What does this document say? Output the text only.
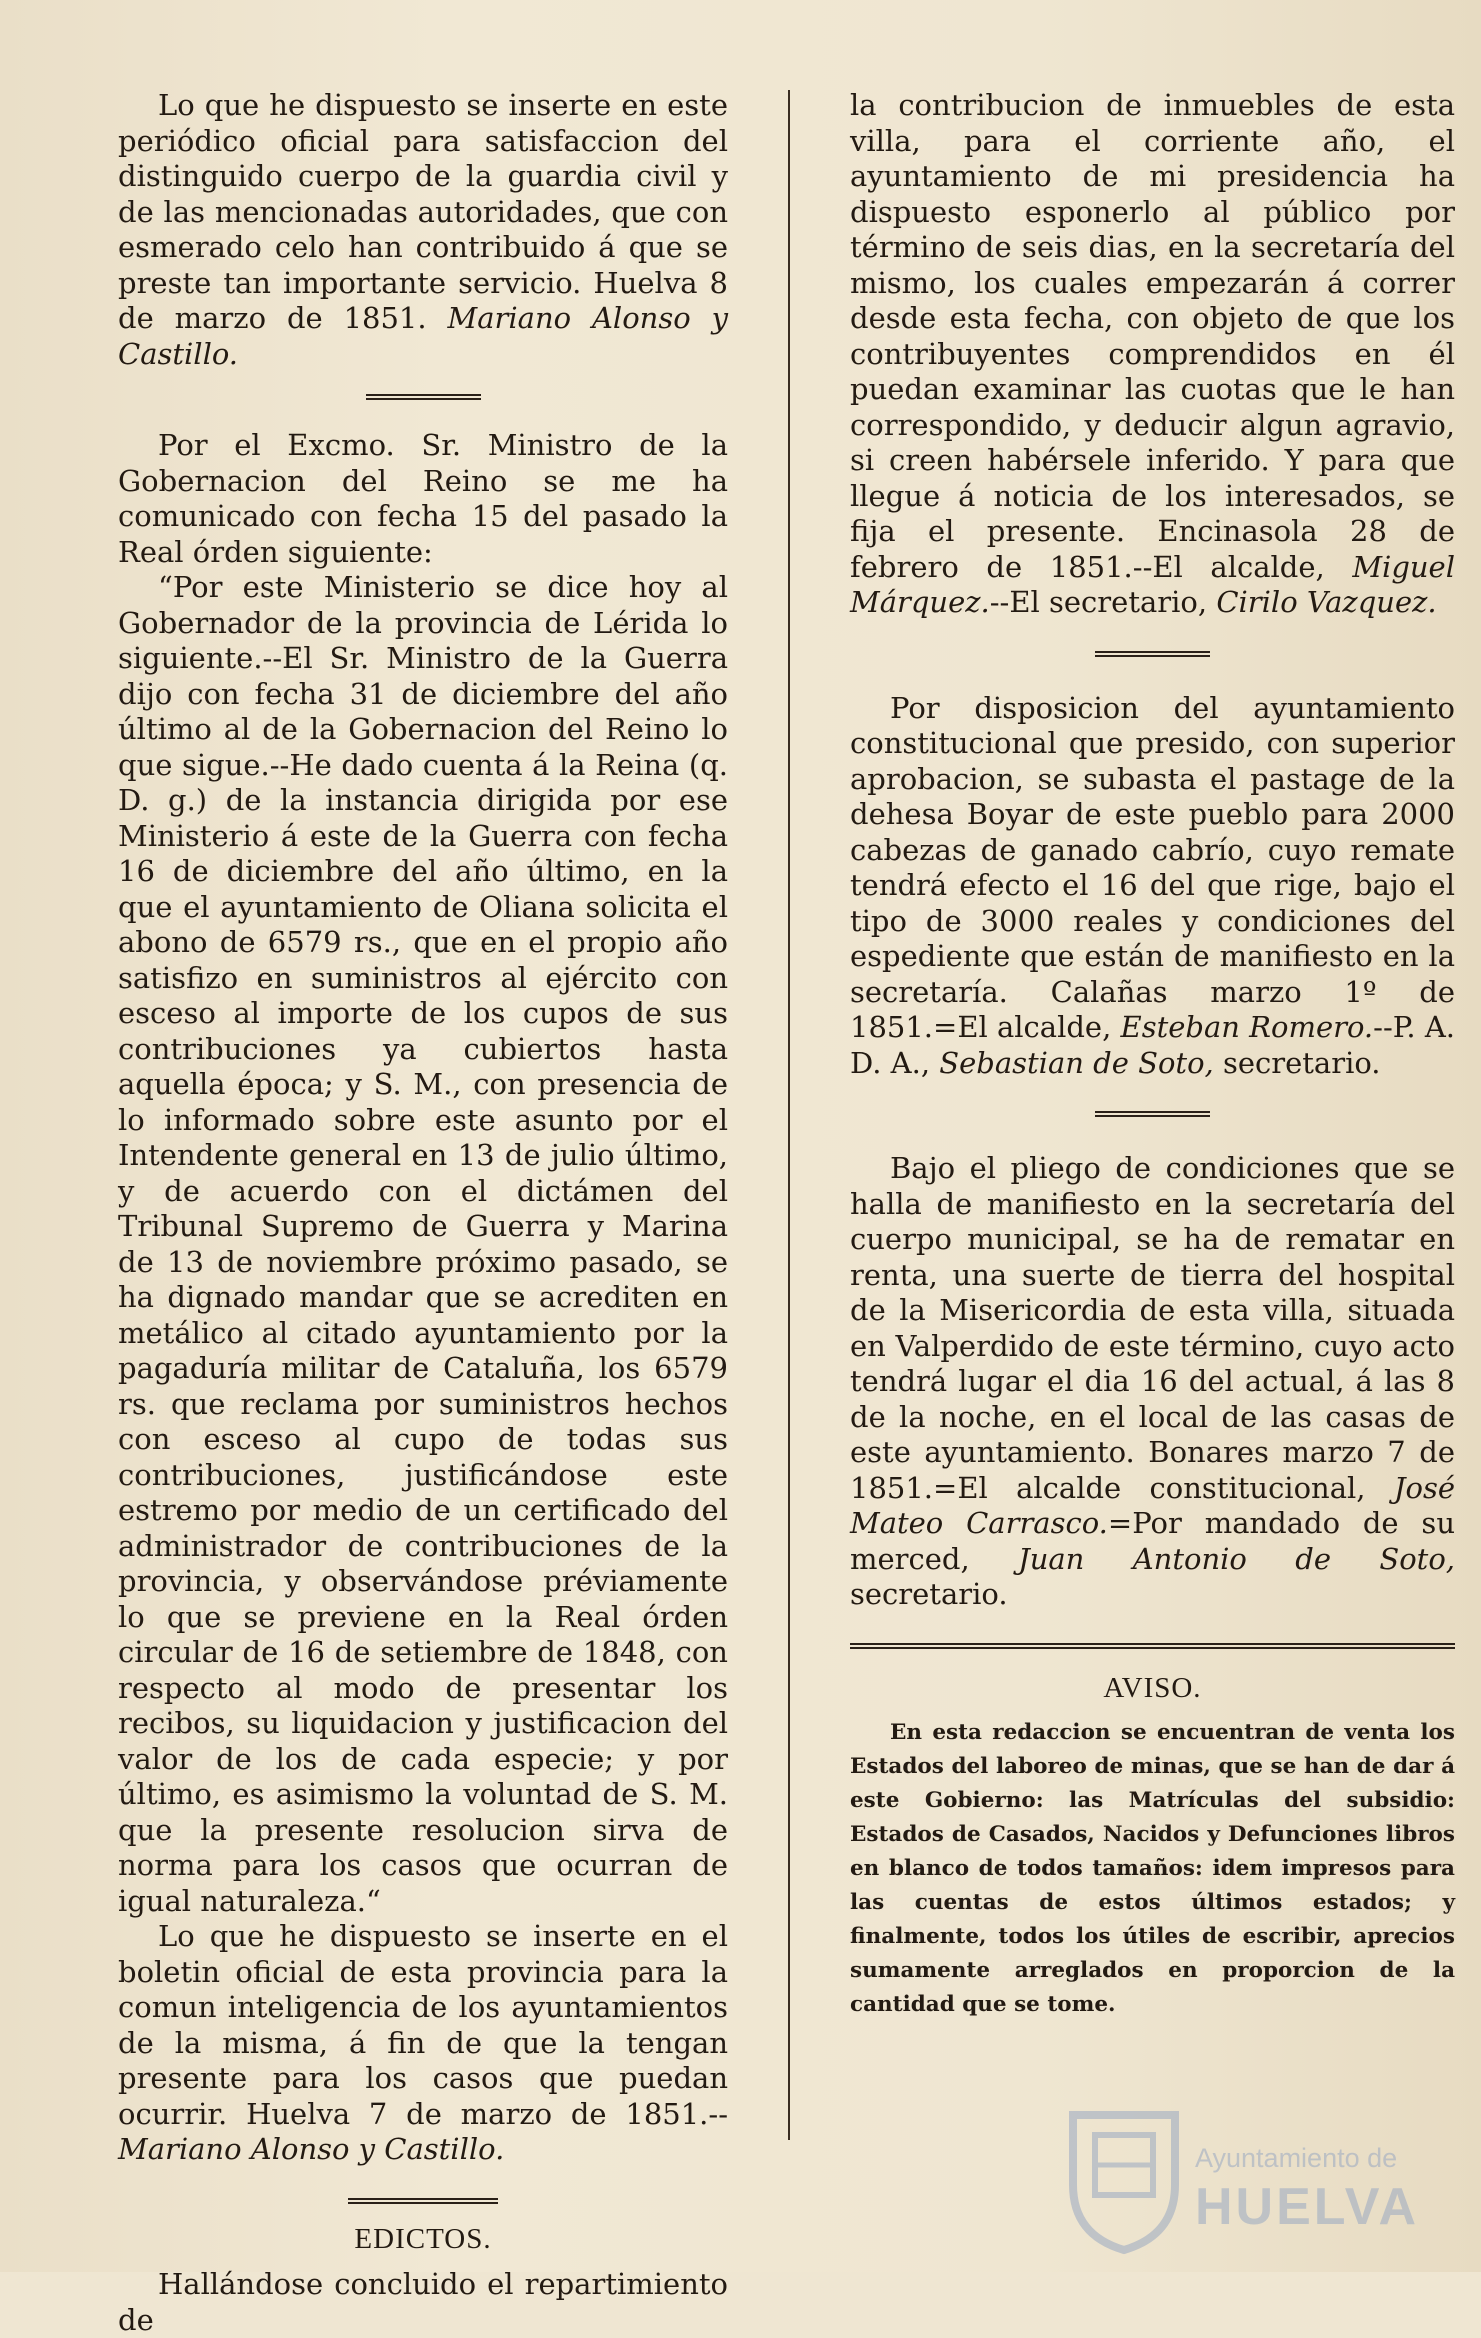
Lo que he dispuesto se inserte en este periódico oficial para satisfaccion del distinguido cuerpo de la guardia civil y de las mencionadas autoridades, que con esmerado celo han contribuido á que se preste tan importante servicio. Huelva 8 de marzo de 1851. Mariano Alonso y Castillo.

Por el Excmo. Sr. Ministro de la Gobernacion del Reino se me ha comunicado con fecha 15 del pasado la Real órden siguiente:

“Por este Ministerio se dice hoy al Gobernador de la provincia de Lérida lo siguiente.--El Sr. Ministro de la Guerra dijo con fecha 31 de diciembre del año último al de la Gobernacion del Reino lo que sigue.--He dado cuenta á la Reina (q. D. g.) de la instancia dirigida por ese Ministerio á este de la Guerra con fecha 16 de diciembre del año último, en la que el ayuntamiento de Oliana solicita el abono de 6579 rs., que en el propio año satisfizo en suministros al ejército con esceso al importe de los cupos de sus contribuciones ya cubiertos hasta aquella época; y S. M., con presencia de lo informado sobre este asunto por el Intendente general en 13 de julio último, y de acuerdo con el dictámen del Tribunal Supremo de Guerra y Marina de 13 de noviembre próximo pasado, se ha dignado mandar que se acrediten en metálico al citado ayuntamiento por la pagaduría militar de Cataluña, los 6579 rs. que reclama por suministros hechos con esceso al cupo de todas sus contribuciones, justificándose este estremo por medio de un certificado del administrador de contribuciones de la provincia, y observándose préviamente lo que se previene en la Real órden circular de 16 de setiembre de 1848, con respecto al modo de presentar los recibos, su liquidacion y justificacion del valor de los de cada especie; y por último, es asimismo la voluntad de S. M. que la presente resolucion sirva de norma para los casos que ocurran de igual naturaleza.“

Lo que he dispuesto se inserte en el boletin oficial de esta provincia para la comun inteligencia de los ayuntamientos de la misma, á fin de que la tengan presente para los casos que puedan ocurrir. Huelva 7 de marzo de 1851.-- Mariano Alonso y Castillo.

EDICTOS.

Hallándose concluido el repartimiento de

la contribucion de inmuebles de esta villa, para el corriente año, el ayuntamiento de mi presidencia ha dispuesto esponerlo al público por término de seis dias, en la secretaría del mismo, los cuales empezarán á correr desde esta fecha, con objeto de que los contribuyentes comprendidos en él puedan examinar las cuotas que le han correspondido, y deducir algun agravio, si creen habérsele inferido. Y para que llegue á noticia de los interesados, se fija el presente. Encinasola 28 de febrero de 1851.--El alcalde, Miguel Márquez.--El secretario, Cirilo Vazquez.

Por disposicion del ayuntamiento constitucional que presido, con superior aprobacion, se subasta el pastage de la dehesa Boyar de este pueblo para 2000 cabezas de ganado cabrío, cuyo remate tendrá efecto el 16 del que rige, bajo el tipo de 3000 reales y condiciones del espediente que están de manifiesto en la secretaría. Calañas marzo 1º de 1851.=El alcalde, Esteban Romero.--P. A. D. A., Sebastian de Soto, secretario.

Bajo el pliego de condiciones que se halla de manifiesto en la secretaría del cuerpo municipal, se ha de rematar en renta, una suerte de tierra del hospital de la Misericordia de esta villa, situada en Valperdido de este término, cuyo acto tendrá lugar el dia 16 del actual, á las 8 de la noche, en el local de las casas de este ayuntamiento. Bonares marzo 7 de 1851.=El alcalde constitucional, José Mateo Carrasco.=Por mandado de su merced, Juan Antonio de Soto, secretario.

AVISO.

En esta redaccion se encuentran de venta los Estados del laboreo de minas, que se han de dar á este Gobierno: las Matrículas del subsidio: Estados de Casados, Nacidos y Defunciones libros en blanco de todos tamaños: idem impresos para las cuentas de estos últimos estados; y finalmente, todos los útiles de escribir, aprecios sumamente arreglados en proporcion de la cantidad que se tome.

Ayuntamiento de
HUELVA
